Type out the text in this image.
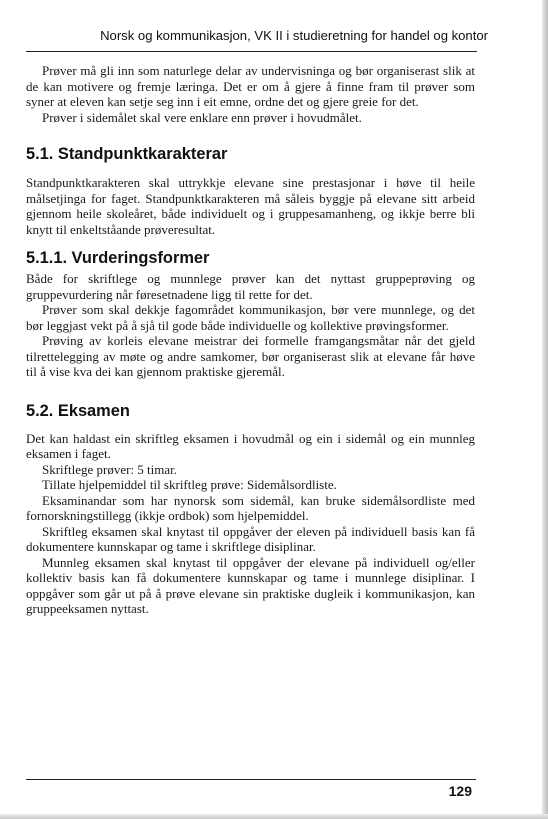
Norsk og kommunikasjon, VK II i studieretning for handel og kontor

Prøver må gli inn som naturlege delar av undervisninga og bør organiserast slik at de kan motivere og fremje læringa. Det er om å gjere å finne fram til prøver som syner at eleven kan setje seg inn i eit emne, ordne det og gjere greie for det.

Prøver i sidemålet skal vere enklare enn prøver i hovudmålet.

5.1. Standpunktkarakterar

Standpunktkarakteren skal uttrykkje elevane sine prestasjonar i høve til heile målsetjinga for faget. Standpunktkarakteren må såleis byggje på elevane sitt arbeid gjennom heile skoleåret, både individuelt og i gruppesamanheng, og ikkje berre bli knytt til enkeltståande prøveresultat.

5.1.1. Vurderingsformer

Både for skriftlege og munnlege prøver kan det nyttast gruppeprøving og gruppevurdering når føresetnadene ligg til rette for det.

Prøver som skal dekkje fagområdet kommunikasjon, bør vere munnlege, og det bør leggjast vekt på å sjå til gode både individuelle og kollektive prøvingsformer.

Prøving av korleis elevane meistrar dei formelle framgangsmåtar når det gjeld tilrettelegging av møte og andre samkomer, bør organiserast slik at elevane får høve til å vise kva dei kan gjennom praktiske gjeremål.

5.2. Eksamen

Det kan haldast ein skriftleg eksamen i hovudmål og ein i sidemål og ein munnleg eksamen i faget.

Skriftlege prøver: 5 timar.

Tillate hjelpemiddel til skriftleg prøve: Sidemålsordliste.

Eksaminandar som har nynorsk som sidemål, kan bruke sidemålsordliste med fornorskningstillegg (ikkje ordbok) som hjelpemiddel.

Skriftleg eksamen skal knytast til oppgåver der eleven på individuell basis kan få dokumentere kunnskapar og tame i skriftlege disiplinar.

Munnleg eksamen skal knytast til oppgåver der elevane på individuell og/eller kollektiv basis kan få dokumentere kunnskapar og tame i munnlege disiplinar. I oppgåver som går ut på å prøve elevane sin praktiske dugleik i kommunikasjon, kan gruppeeksamen nyttast.

129
